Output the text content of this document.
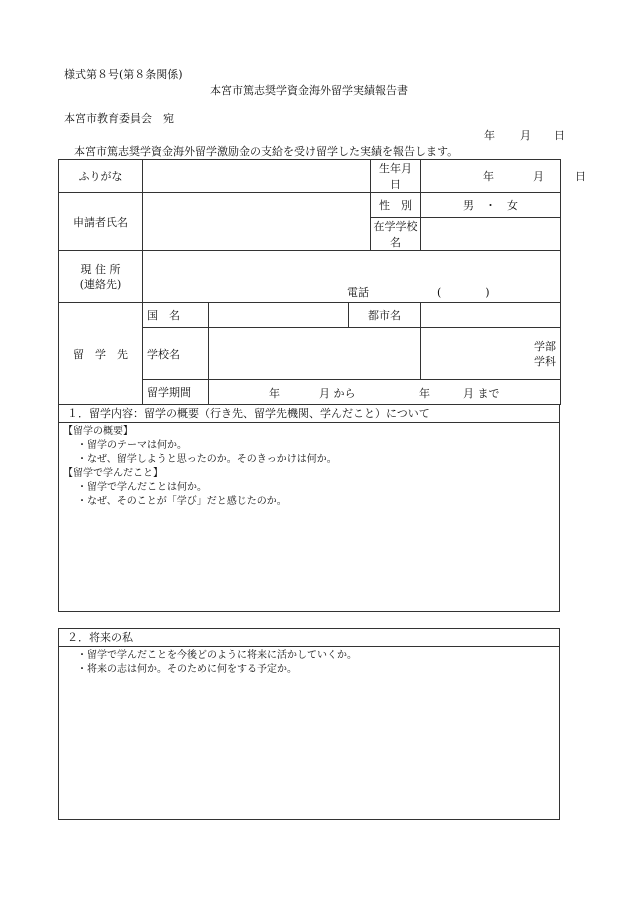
様式第８号(第８条関係)
本宮市篤志奨学資金海外留学実績報告書
本宮市教育委員会　宛
年 月 日
本宮市篤志奨学資金海外留学激励金の支給を受け留学した実績を報告します。
ふりがな				生年月日	年 月 日

申請者氏名				性　別	男　・　女
				在学学校名	

現 住 所
(連絡先)	電話 (　　　　)				

留　学　先	国　名		都市名		
	学校名				学部
学科

	留学期間	年 月 から 年 月 まで			
１．留学内容：留学の概要（行き先、留学先機関、学んだこと）について
【留学の概要】
・留学のテーマは何か。
・なぜ、留学しようと思ったのか。そのきっかけは何か。
【留学で学んだこと】
・留学で学んだことは何か。
・なぜ、そのことが「学び」だと感じたのか。
２．将来の私
・留学で学んだことを今後どのように将来に活かしていくか。
・将来の志は何か。そのために何をする予定か。
